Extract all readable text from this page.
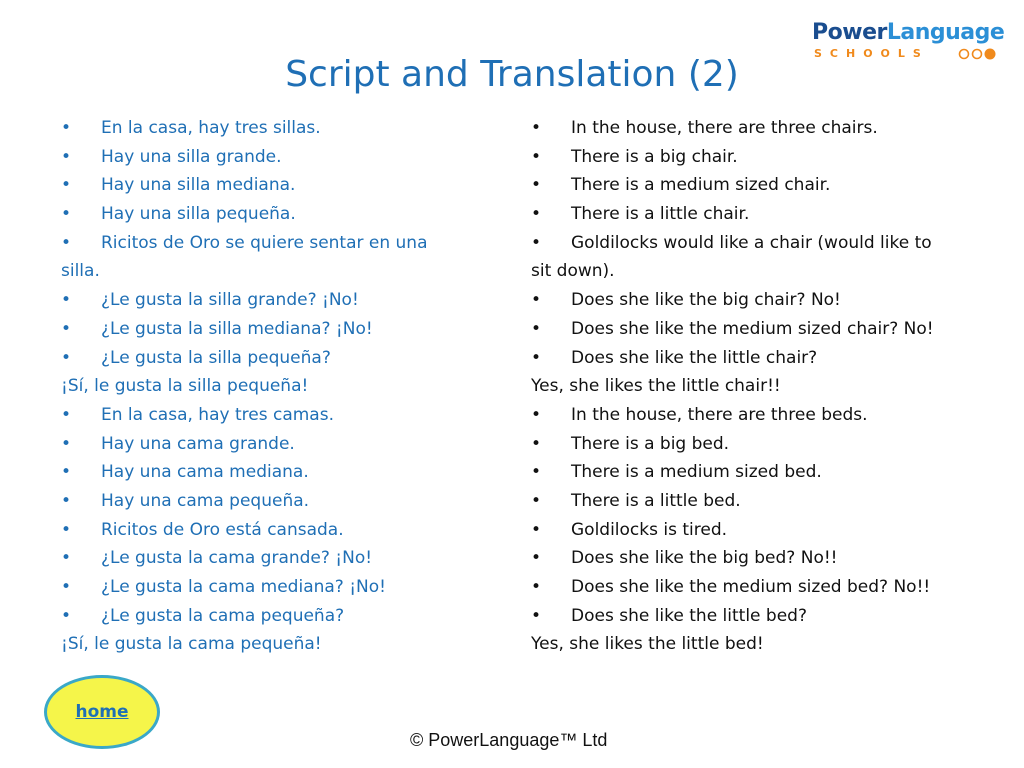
PowerLanguage
SCHOOLS
Script and Translation (2)
• En la casa, hay tres sillas.
• Hay una silla grande.
• Hay una silla mediana.
• Hay una silla pequeña.
• Ricitos de Oro se quiere sentar en una
silla.
• ¿Le gusta la silla grande? ¡No!
• ¿Le gusta la silla mediana? ¡No!
• ¿Le gusta la silla pequeña?
¡Sí, le gusta la silla pequeña!
• En la casa, hay tres camas.
• Hay una cama grande.
• Hay una cama mediana.
• Hay una cama pequeña.
• Ricitos de Oro está cansada.
• ¿Le gusta la cama grande? ¡No!
• ¿Le gusta la cama mediana? ¡No!
• ¿Le gusta la cama pequeña?
¡Sí, le gusta la cama pequeña!
• In the house, there are three chairs.
• There is a big chair.
• There is a medium sized chair.
• There is a little chair.
• Goldilocks would like a chair (would like to
sit down).
• Does she like the big chair? No!
• Does she like the medium sized chair? No!
• Does she like the little chair?
Yes, she likes the little chair!!
• In the house, there are three beds.
• There is a big bed.
• There is a medium sized bed.
• There is a little bed.
• Goldilocks is tired.
• Does she like the big bed? No!!
• Does she like the medium sized bed? No!!
• Does she like the little bed?
Yes, she likes the little bed!
home
© PowerLanguage™ Ltd
